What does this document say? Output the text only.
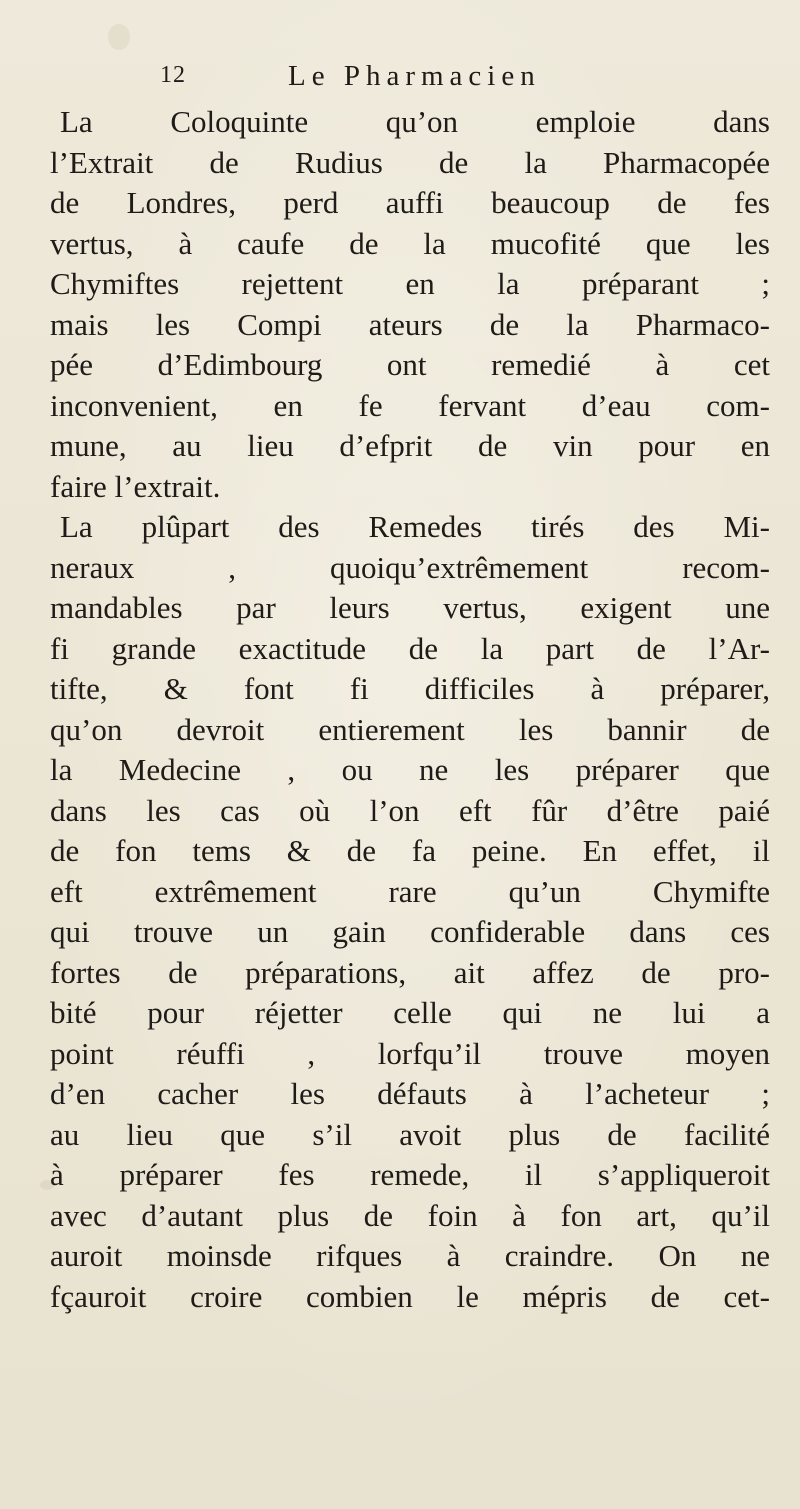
12	Le Pharmacien
La Coloquinte qu’on emploie dans
l’Extrait de Rudius de la Pharmacopée
de Londres, perd auffi beaucoup de fes
vertus, à caufe de la mucofité que les
Chymiftes rejettent en la préparant ;
mais les Compi ateurs de la Pharmaco-
pée d’Edimbourg ont remedié à cet
inconvenient, en fe fervant d’eau com-
mune, au lieu d’efprit de vin pour en
faire l’extrait.
La plûpart des Remedes tirés des Mi-
neraux , quoiqu’extrêmement recom-
mandables par leurs vertus, exigent une
fi grande exactitude de la part de l’Ar-
tifte, & font fi difficiles à préparer,
qu’on devroit entierement les bannir de
la Medecine , ou ne les préparer que
dans les cas où l’on eft fûr d’être paié
de fon tems & de fa peine. En effet, il
eft extrêmement rare qu’un Chymifte
qui trouve un gain confiderable dans ces
fortes de préparations, ait affez de pro-
bité pour réjetter celle qui ne lui a
point réuffi , lorfqu’il trouve moyen
d’en cacher les défauts à l’acheteur ;
au lieu que s’il avoit plus de facilité
à préparer fes remede, il s’appliqueroit
avec d’autant plus de foin à fon art, qu’il
auroit moinsde rifques à craindre. On ne
fçauroit croire combien le mépris de cet-
